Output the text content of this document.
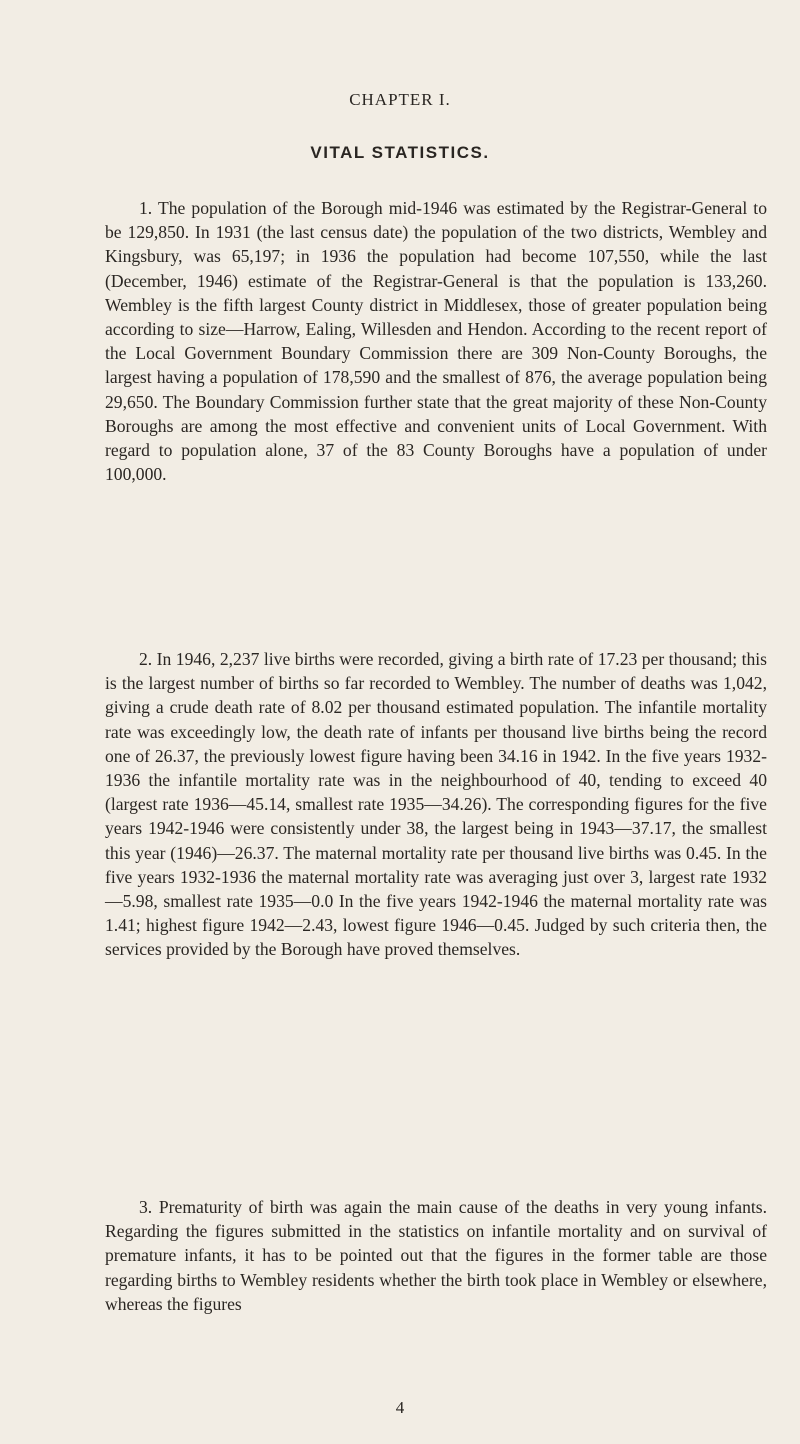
CHAPTER I.
VITAL STATISTICS.

1. The population of the Borough mid-1946 was estimated by the Registrar-General to be 129,850. In 1931 (the last census date) the population of the two districts, Wembley and Kingsbury, was 65,197; in 1936 the population had become 107,550, while the last (December, 1946) estimate of the Registrar-General is that the population is 133,260. Wembley is the fifth largest County district in Middlesex, those of greater population being according to size—Harrow, Ealing, Willesden and Hendon. According to the recent report of the Local Government Boundary Commission there are 309 Non-County Boroughs, the largest having a population of 178,590 and the smallest of 876, the average population being 29,650. The Boundary Commission further state that the great majority of these Non-County Boroughs are among the most effective and convenient units of Local Government. With regard to population alone, 37 of the 83 County Boroughs have a population of under 100,000.

2. In 1946, 2,237 live births were recorded, giving a birth rate of 17.23 per thousand; this is the largest number of births so far recorded to Wembley. The number of deaths was 1,042, giving a crude death rate of 8.02 per thousand estimated population. The infantile mortality rate was exceedingly low, the death rate of infants per thousand live births being the record one of 26.37, the previously lowest figure having been 34.16 in 1942. In the five years 1932-1936 the infantile mortality rate was in the neighbourhood of 40, tending to exceed 40 (largest rate 1936—45.14, smallest rate 1935—34.26). The corresponding figures for the five years 1942-1946 were consistently under 38, the largest being in 1943—37.17, the smallest this year (1946)—26.37. The maternal mortality rate per thousand live births was 0.45. In the five years 1932-1936 the maternal mortality rate was averaging just over 3, largest rate 1932—5.98, smallest rate 1935—0.0 In the five years 1942-1946 the maternal mortality rate was 1.41; highest figure 1942—2.43, lowest figure 1946—0.45. Judged by such criteria then, the services provided by the Borough have proved themselves.

3. Prematurity of birth was again the main cause of the deaths in very young infants. Regarding the figures submitted in the statistics on infantile mortality and on survival of premature infants, it has to be pointed out that the figures in the former table are those regarding births to Wembley residents whether the birth took place in Wembley or elsewhere, whereas the figures

4
